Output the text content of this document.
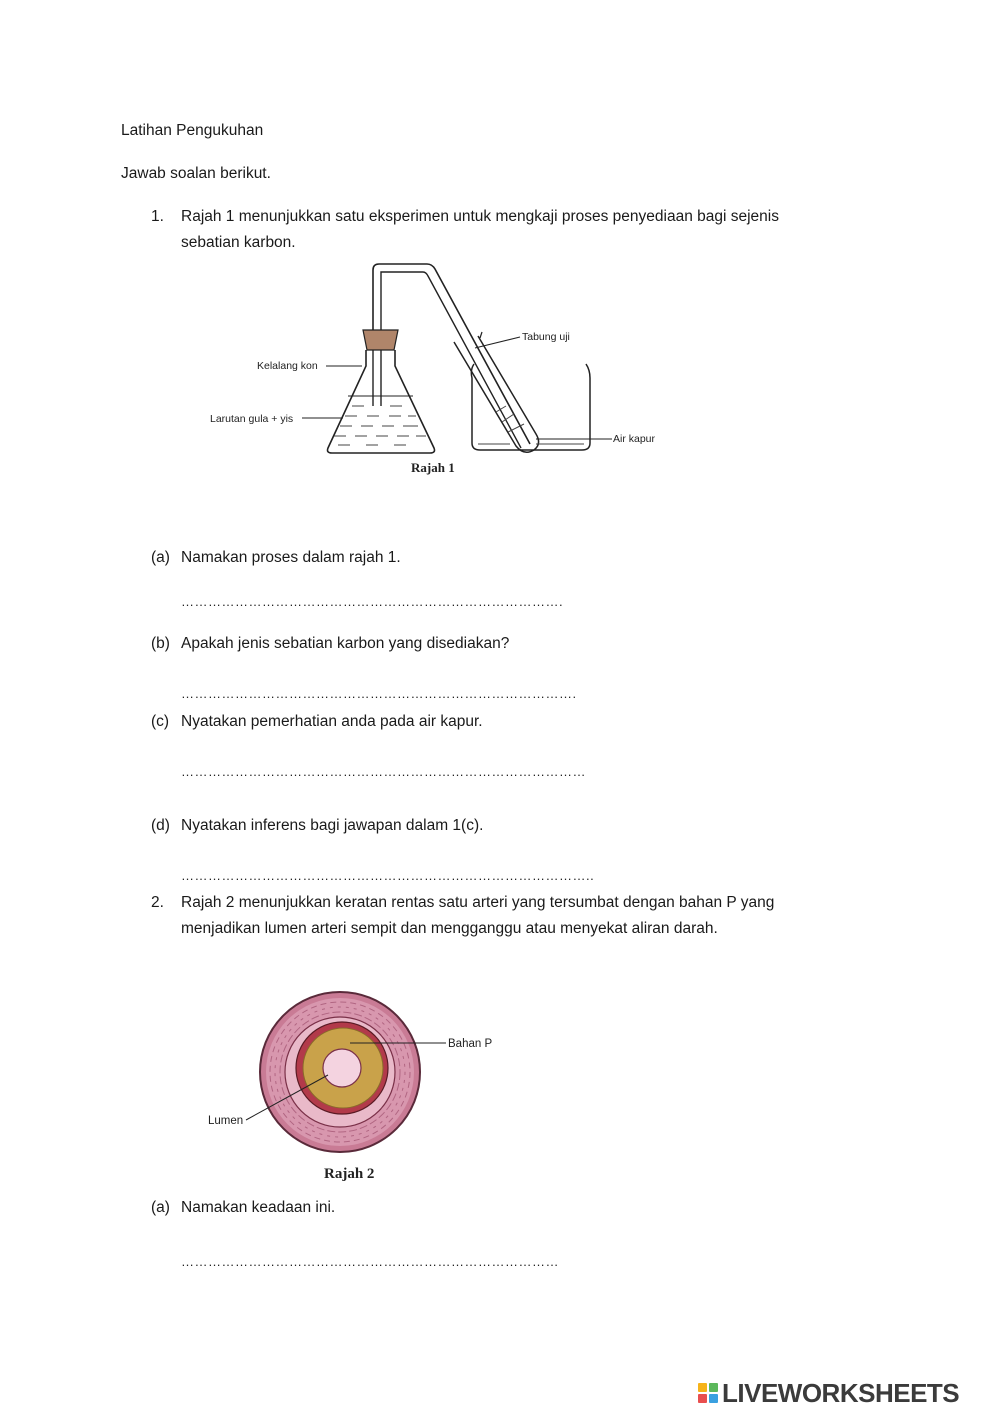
Latihan Pengukuhan
Jawab soalan berikut.
1. Rajah 1 menunjukkan satu eksperimen untuk mengkaji proses penyediaan bagi sejenis
sebatian karbon.
Kelalang kon
Larutan gula + yis
Tabung uji
Air kapur
Rajah 1
(a) Namakan proses dalam rajah 1.
………………………………………………………………………….
(b) Apakah jenis sebatian karbon yang disediakan?
…………………………………………………………………………….
(c) Nyatakan pemerhatian anda pada air kapur.
………………………………………………………………………………
(d) Nyatakan inferens bagi jawapan dalam 1(c).
………………………………………………………………………………..
2. Rajah 2 menunjukkan keratan rentas satu arteri yang tersumbat dengan bahan P yang
menjadikan lumen arteri sempit dan mengganggu atau menyekat aliran darah.
Bahan P
Lumen
Rajah 2
(a) Namakan keadaan ini.
…………………………………………………………………………
LIVEWORKSHEETS
